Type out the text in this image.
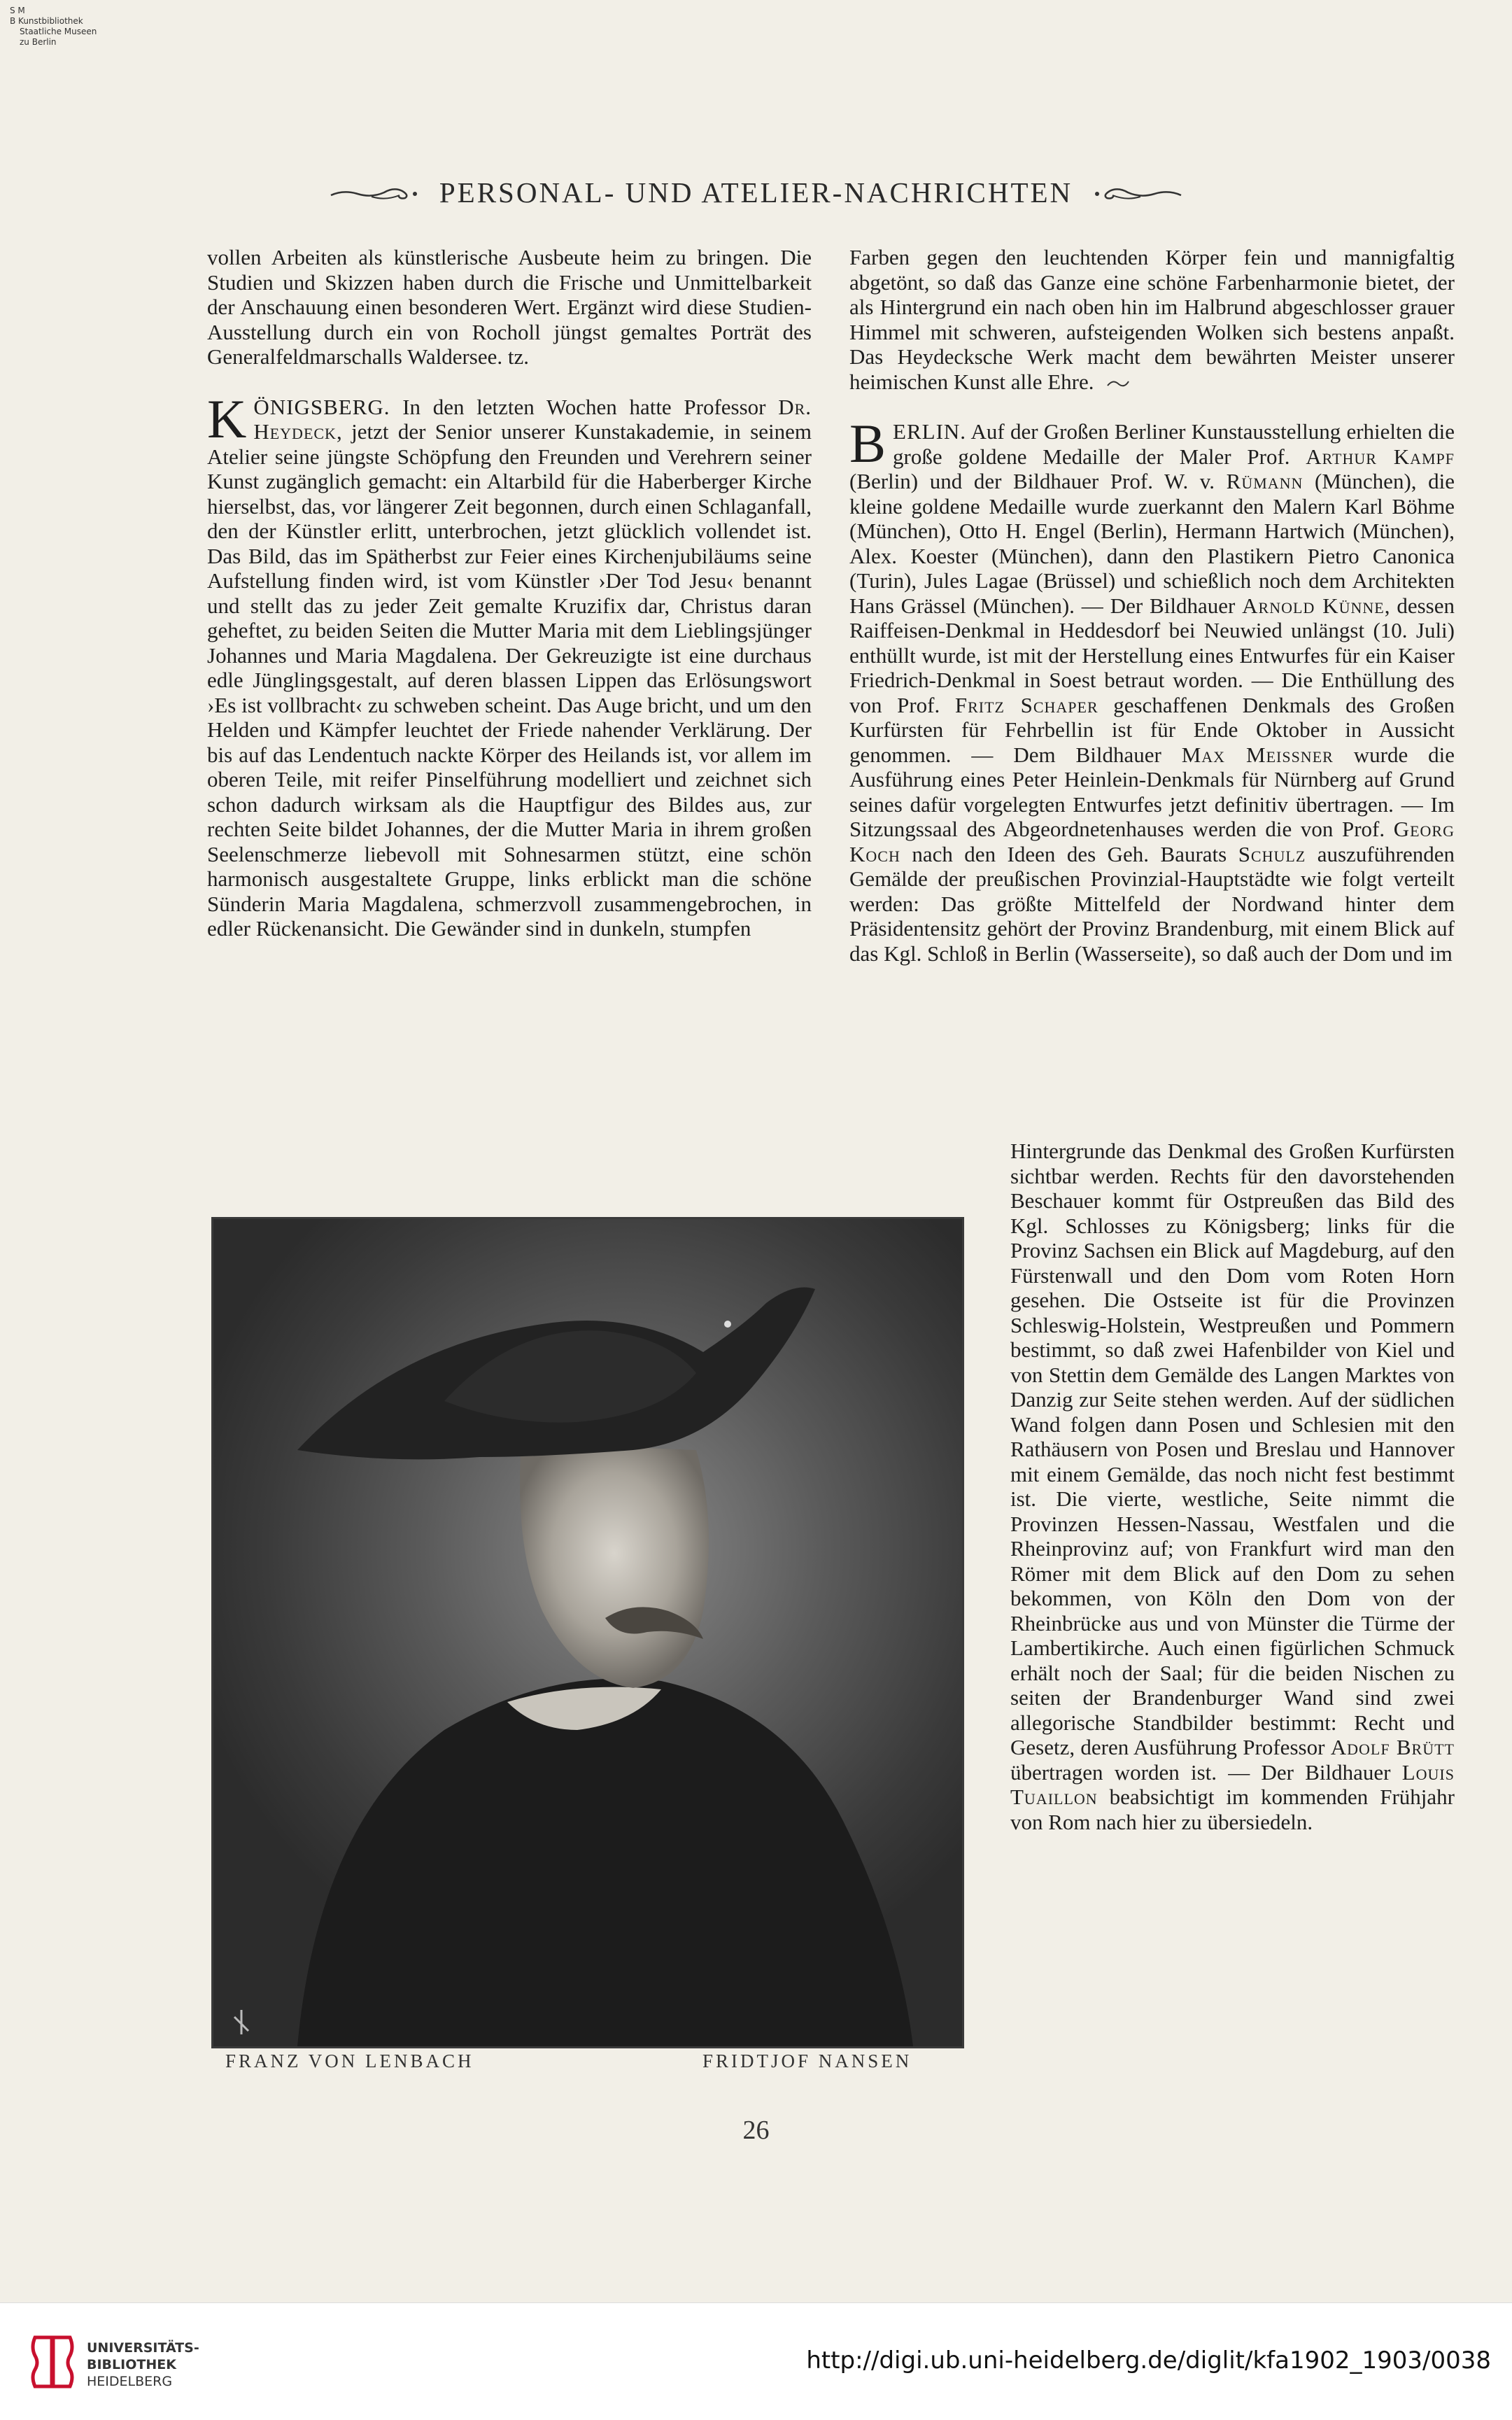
S M
B Kunstbibliothek
Staatliche Museen
zu Berlin
PERSONAL- UND ATELIER-NACHRICHTEN

vollen Arbeiten als künstlerische Ausbeute heim zu bringen. Die Studien und Skizzen haben durch die Frische und Unmittelbarkeit der Anschauung einen besonderen Wert. Ergänzt wird diese Studien-Ausstellung durch ein von Rocholl jüngst gemaltes Porträt des Generalfeldmarschalls Waldersee. tz.

KÖNIGSBERG. In den letzten Wochen hatte Professor Dr. Heydeck, jetzt der Senior unserer Kunstakademie, in seinem Atelier seine jüngste Schöpfung den Freunden und Verehrern seiner Kunst zugänglich gemacht: ein Altarbild für die Haberberger Kirche hierselbst, das, vor längerer Zeit begonnen, durch einen Schlaganfall, den der Künstler erlitt, unterbrochen, jetzt glücklich vollendet ist. Das Bild, das im Spätherbst zur Feier eines Kirchenjubiläums seine Aufstellung finden wird, ist vom Künstler ›Der Tod Jesu‹ benannt und stellt das zu jeder Zeit gemalte Kruzifix dar, Christus daran geheftet, zu beiden Seiten die Mutter Maria mit dem Lieblingsjünger Johannes und Maria Magdalena. Der Gekreuzigte ist eine durchaus edle Jünglingsgestalt, auf deren blassen Lippen das Erlösungswort ›Es ist vollbracht‹ zu schweben scheint. Das Auge bricht, und um den Helden und Kämpfer leuchtet der Friede nahender Verklärung. Der bis auf das Lendentuch nackte Körper des Heilands ist, vor allem im oberen Teile, mit reifer Pinselführung modelliert und zeichnet sich schon dadurch wirksam als die Hauptfigur des Bildes aus, zur rechten Seite bildet Johannes, der die Mutter Maria in ihrem großen Seelenschmerze liebevoll mit Sohnesarmen stützt, eine schön harmonisch ausgestaltete Gruppe, links erblickt man die schöne Sünderin Maria Magdalena, schmerzvoll zusammengebrochen, in edler Rückenansicht. Die Gewänder sind in dunkeln, stumpfen

Farben gegen den leuchtenden Körper fein und mannigfaltig abgetönt, so daß das Ganze eine schöne Farbenharmonie bietet, der als Hintergrund ein nach oben hin im Halbrund abgeschlosser grauer Himmel mit schweren, aufsteigenden Wolken sich bestens anpaßt. Das Heydecksche Werk macht dem bewährten Meister unserer heimischen Kunst alle Ehre.

BERLIN. Auf der Großen Berliner Kunstausstellung erhielten die große goldene Medaille der Maler Prof. Arthur Kampf (Berlin) und der Bildhauer Prof. W. v. Rümann (München), die kleine goldene Medaille wurde zuerkannt den Malern Karl Böhme (München), Otto H. Engel (Berlin), Hermann Hartwich (München), Alex. Koester (München), dann den Plastikern Pietro Canonica (Turin), Jules Lagae (Brüssel) und schießlich noch dem Architekten Hans Grässel (München). — Der Bildhauer Arnold Künne, dessen Raiffeisen-Denkmal in Heddesdorf bei Neuwied unlängst (10. Juli) enthüllt wurde, ist mit der Herstellung eines Entwurfes für ein Kaiser Friedrich-Denkmal in Soest betraut worden. — Die Enthüllung des von Prof. Fritz Schaper geschaffenen Denkmals des Großen Kurfürsten für Fehrbellin ist für Ende Oktober in Aussicht genommen. — Dem Bildhauer Max Meissner wurde die Ausführung eines Peter Heinlein-Denkmals für Nürnberg auf Grund seines dafür vorgelegten Entwurfes jetzt definitiv übertragen. — Im Sitzungssaal des Abgeordnetenhauses werden die von Prof. Georg Koch nach den Ideen des Geh. Baurats Schulz auszuführenden Gemälde der preußischen Provinzial-Hauptstädte wie folgt verteilt werden: Das größte Mittelfeld der Nordwand hinter dem Präsidentensitz gehört der Provinz Brandenburg, mit einem Blick auf das Kgl. Schloß in Berlin (Wasserseite), so daß auch der Dom und im

Hintergrunde das Denkmal des Großen Kurfürsten sichtbar werden. Rechts für den davorstehenden Beschauer kommt für Ostpreußen das Bild des Kgl. Schlosses zu Königsberg; links für die Provinz Sachsen ein Blick auf Magdeburg, auf den Fürstenwall und den Dom vom Roten Horn gesehen. Die Ostseite ist für die Provinzen Schleswig-Holstein, Westpreußen und Pommern bestimmt, so daß zwei Hafenbilder von Kiel und von Stettin dem Gemälde des Langen Marktes von Danzig zur Seite stehen werden. Auf der südlichen Wand folgen dann Posen und Schlesien mit den Rathäusern von Posen und Breslau und Hannover mit einem Gemälde, das noch nicht fest bestimmt ist. Die vierte, westliche, Seite nimmt die Provinzen Hessen-Nassau, Westfalen und die Rheinprovinz auf; von Frankfurt wird man den Römer mit dem Blick auf den Dom zu sehen bekommen, von Köln den Dom von der Rheinbrücke aus und von Münster die Türme der Lambertikirche. Auch einen figürlichen Schmuck erhält noch der Saal; für die beiden Nischen zu seiten der Brandenburger Wand sind zwei allegorische Standbilder bestimmt: Recht und Gesetz, deren Ausführung Professor Adolf Brütt übertragen worden ist. — Der Bildhauer Louis Tuaillon beabsichtigt im kommenden Frühjahr von Rom nach hier zu übersiedeln.

FRANZ VON LENBACH	FRIDTJOF NANSEN
26
UNIVERSITÄTS-
BIBLIOTHEK
HEIDELBERG
http://digi.ub.uni-heidelberg.de/diglit/kfa1902_1903/0038
